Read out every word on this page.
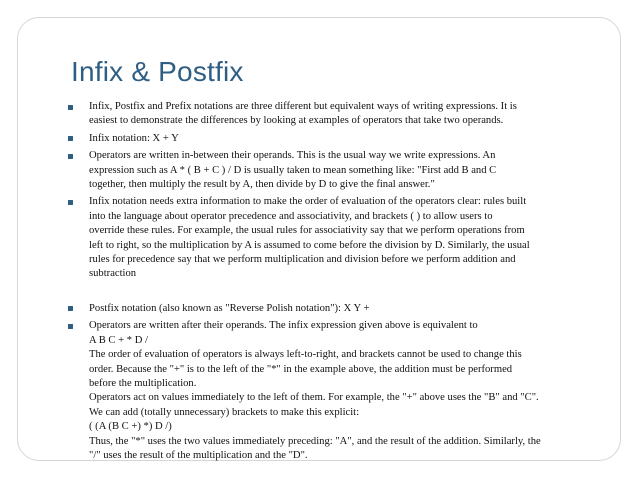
Infix & Postfix
Infix, Postfix and Prefix notations are three different but equivalent ways of writing expressions. It is
easiest to demonstrate the differences by looking at examples of operators that take two operands.
Infix notation: X + Y
Operators are written in-between their operands. This is the usual way we write expressions. An
expression such as A * ( B + C ) / D is usually taken to mean something like: "First add B and C
together, then multiply the result by A, then divide by D to give the final answer."
Infix notation needs extra information to make the order of evaluation of the operators clear: rules built
into the language about operator precedence and associativity, and brackets ( ) to allow users to
override these rules. For example, the usual rules for associativity say that we perform operations from
left to right, so the multiplication by A is assumed to come before the division by D. Similarly, the usual
rules for precedence say that we perform multiplication and division before we perform addition and
subtraction
Postfix notation (also known as "Reverse Polish notation"): X Y +
Operators are written after their operands. The infix expression given above is equivalent to
A B C + * D /
The order of evaluation of operators is always left-to-right, and brackets cannot be used to change this
order. Because the "+" is to the left of the "*" in the example above, the addition must be performed
before the multiplication.
Operators act on values immediately to the left of them. For example, the "+" above uses the "B" and "C".
We can add (totally unnecessary) brackets to make this explicit:
( (A (B C +) *) D /)
Thus, the "*" uses the two values immediately preceding: "A", and the result of the addition. Similarly, the
"/" uses the result of the multiplication and the "D".
